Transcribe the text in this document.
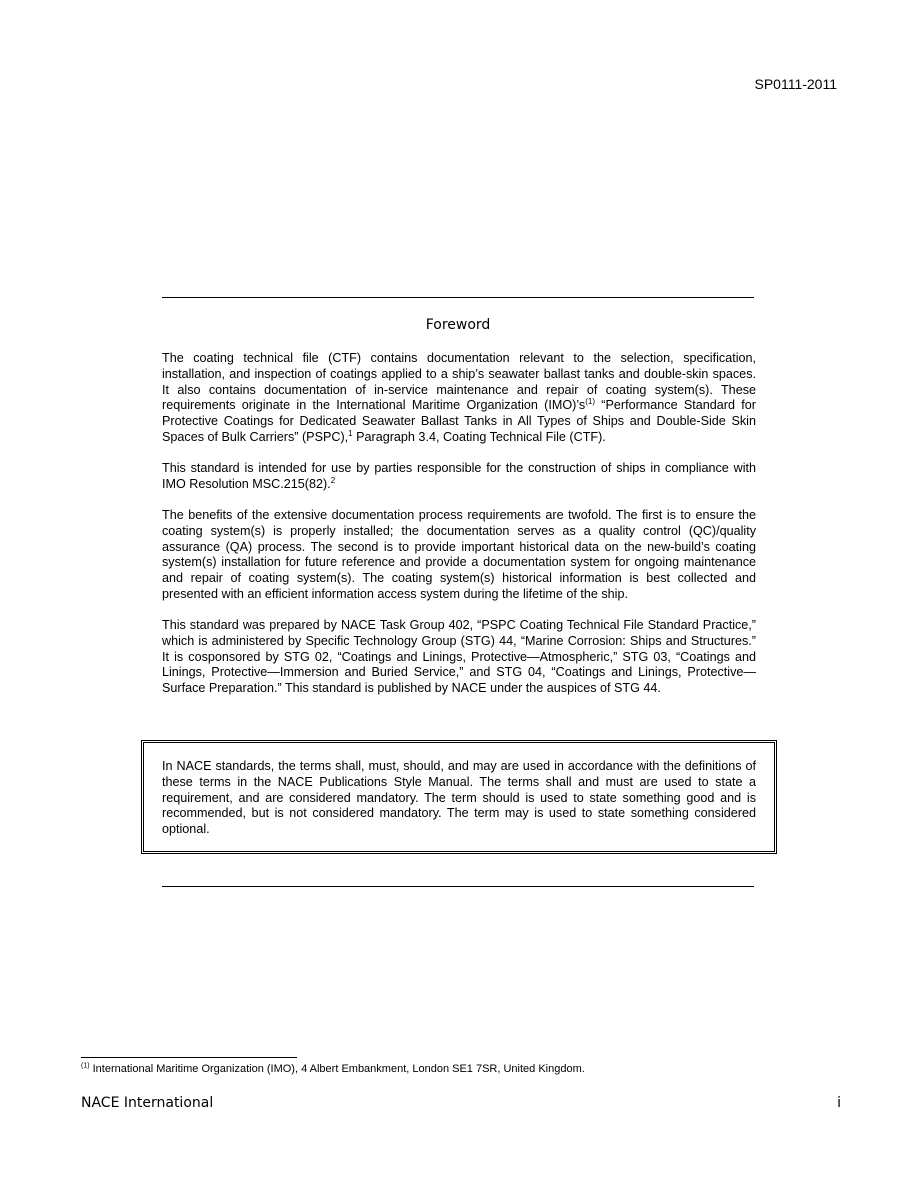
SP0111-2011

Foreword

The coating technical file (CTF) contains documentation relevant to the selection, specification, installation, and inspection of coatings applied to a ship’s seawater ballast tanks and double-skin spaces. It also contains documentation of in-service maintenance and repair of coating system(s). These requirements originate in the International Maritime Organization $(IMO)’s^{(1)}$ “Performance Standard for Protective Coatings for Dedicated Seawater Ballast Tanks in All Types of Ships and Double-Side Skin Spaces of Bulk Carriers” (PSPC),$^1$ Paragraph 3.4, Coating Technical File (CTF).

This standard is intended for use by parties responsible for the construction of ships in compliance with IMO Resolution MSC.215(82).$^2$

The benefits of the extensive documentation process requirements are twofold. The first is to ensure the coating system(s) is properly installed; the documentation serves as a quality control (QC)/quality assurance (QA) process. The second is to provide important historical data on the new-build’s coating system(s) installation for future reference and provide a documentation system for ongoing maintenance and repair of coating system(s). The coating system(s) historical information is best collected and presented with an efficient information access system during the lifetime of the ship.

This standard was prepared by NACE Task Group 402, “PSPC Coating Technical File Standard Practice,” which is administered by Specific Technology Group (STG) 44, “Marine Corrosion: Ships and Structures.” It is cosponsored by STG 02, “Coatings and Linings, Protective—Atmospheric,” STG 03, “Coatings and Linings, Protective—Immersion and Buried Service,” and STG 04, “Coatings and Linings, Protective—Surface Preparation.” This standard is published by NACE under the auspices of STG 44.

In NACE standards, the terms shall, must, should, and may are used in accordance with the definitions of these terms in the NACE Publications Style Manual. The terms shall and must are used to state a requirement, and are considered mandatory. The term should is used to state something good and is recommended, but is not considered mandatory. The term may is used to state something considered optional.

$^{(1)}$ International Maritime Organization (IMO), 4 Albert Embankment, London SE1 7SR, United Kingdom.

NACE International	i
